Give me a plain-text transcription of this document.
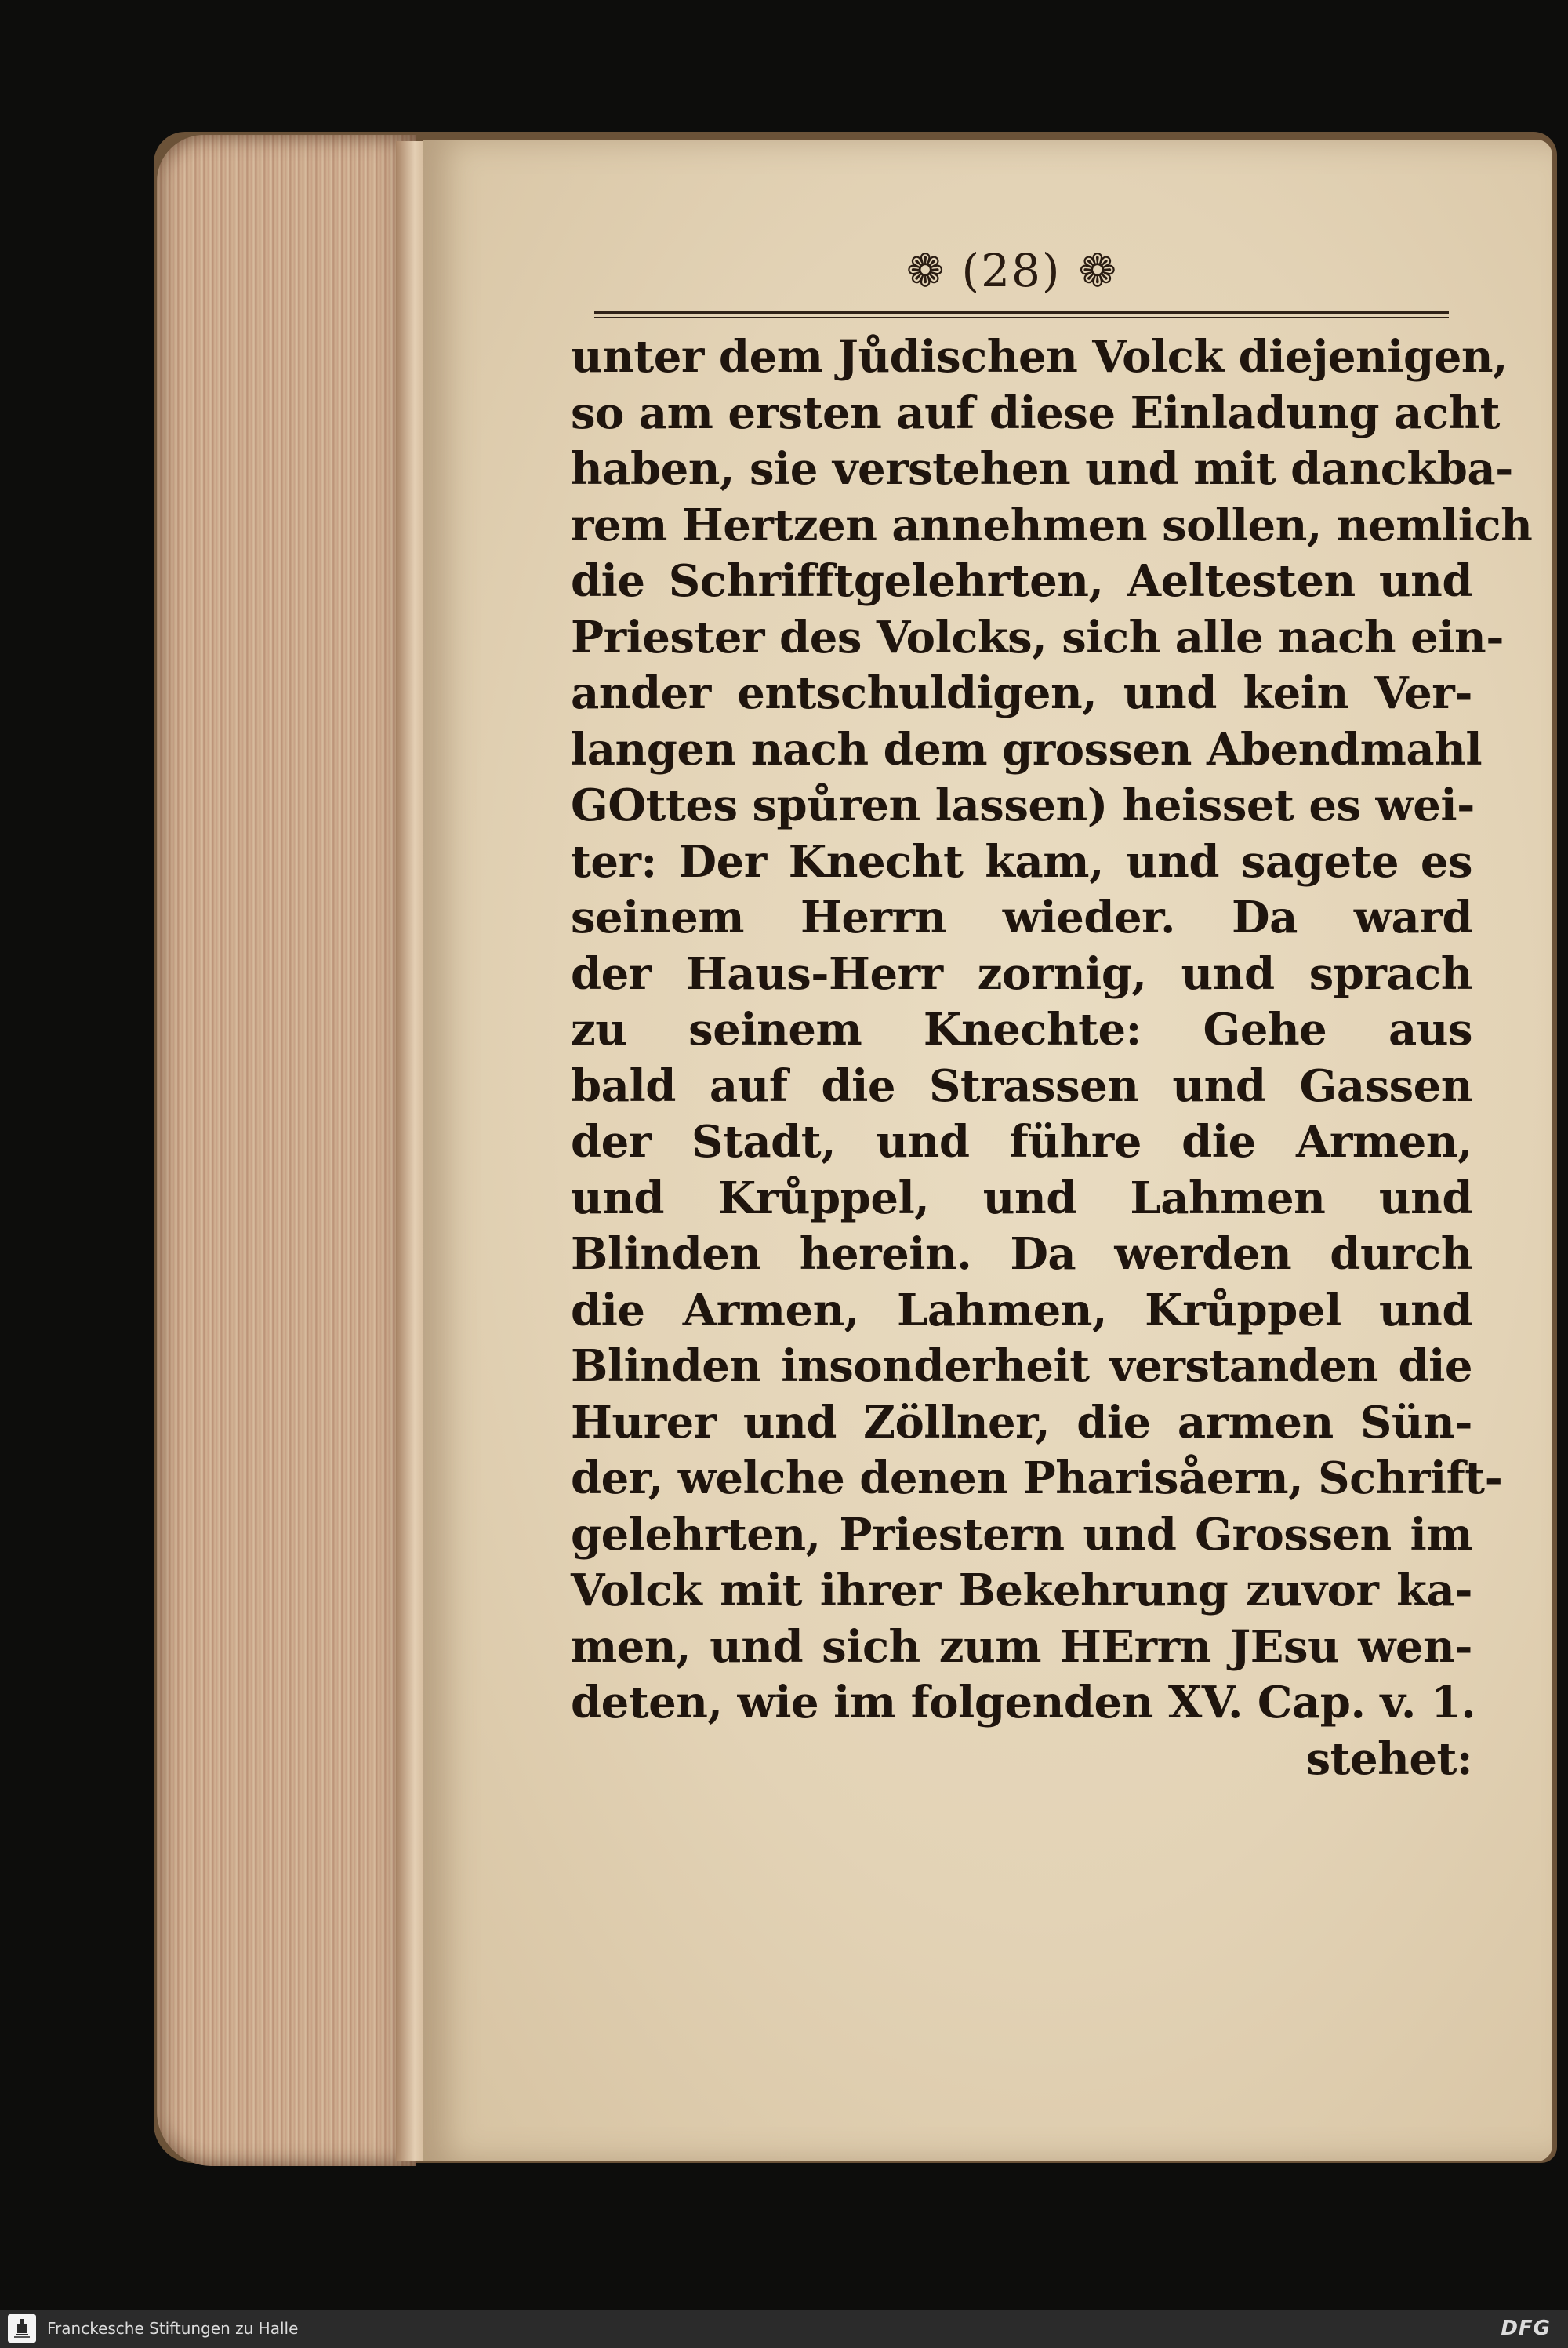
❁ (28) ❁
unter dem Jůdischen Volck diejenigen,
so am ersten auf diese Einladung acht
haben, sie verstehen und mit danckba-
rem Hertzen annehmen sollen, nemlich
die Schrifftgelehrten, Aeltesten und
Priester des Volcks, sich alle nach ein-
ander entschuldigen, und kein Ver-
langen nach dem grossen Abendmahl
GOttes spůren lassen) heisset es wei-
ter: Der Knecht kam, und sagete es
seinem Herrn wieder. Da ward
der Haus-Herr zornig, und sprach
zu seinem Knechte: Gehe aus
bald auf die Strassen und Gassen
der Stadt, und führe die Armen,
und Krůppel, und Lahmen und
Blinden herein. Da werden durch
die Armen, Lahmen, Krůppel und
Blinden insonderheit verstanden die
Hurer und Zöllner, die armen Sün-
der, welche denen Pharisåern, Schrift-
gelehrten, Priestern und Grossen im
Volck mit ihrer Bekehrung zuvor ka-
men, und sich zum HErrn JEsu wen-
deten, wie im folgenden XV. Cap. v. 1.
stehet:
Franckesche Stiftungen zu Halle	DFG
